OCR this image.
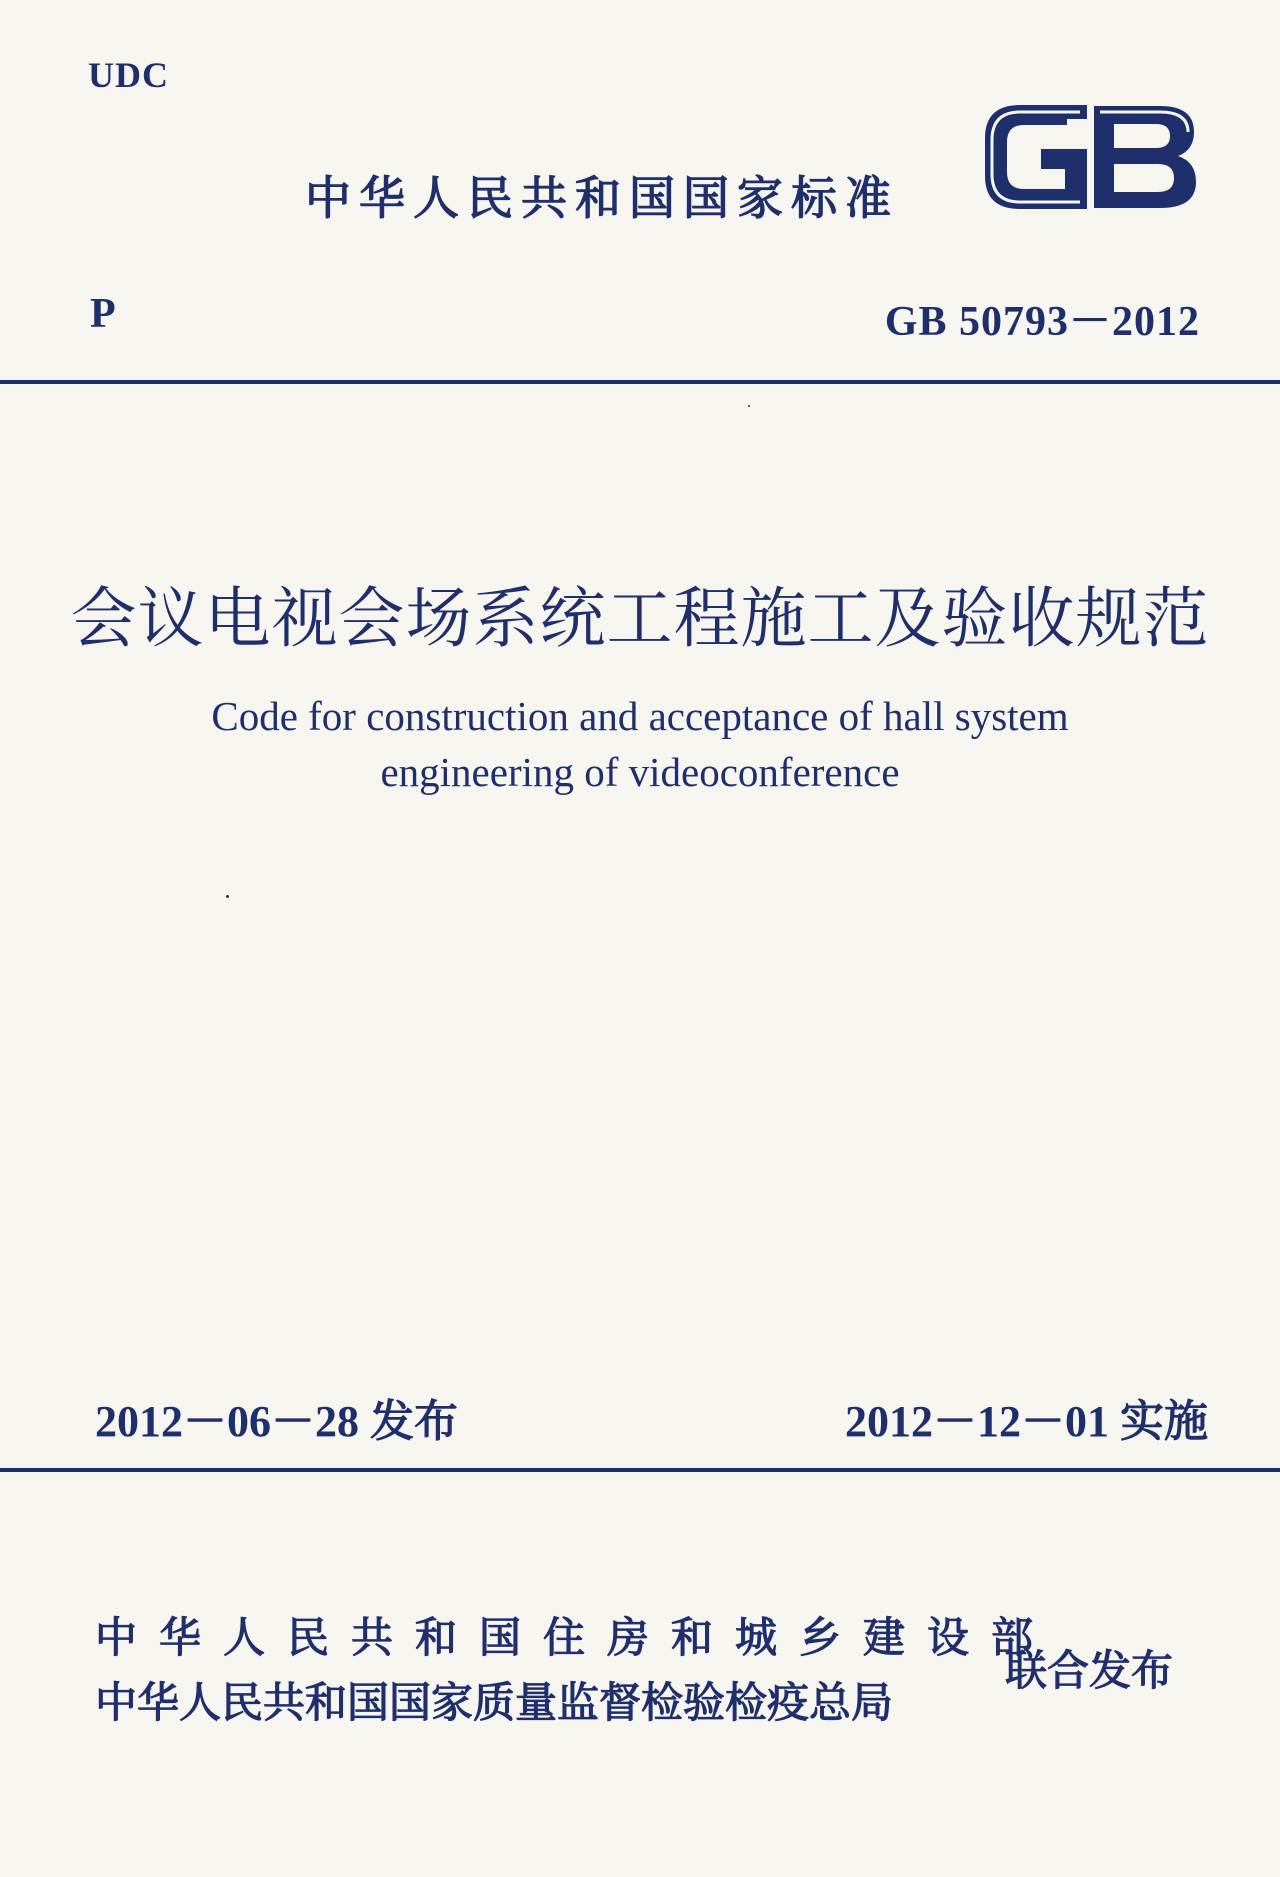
UDC
中华人民共和国国家标准
P	GB 50793－2012
会议电视会场系统工程施工及验收规范
Code for construction and acceptance of hall system
engineering of videoconference
2012－06－28 发布	2012－12－01 实施
中华人民共和国住房和城乡建设部
中华人民共和国国家质量监督检验检疫总局
联合发布
